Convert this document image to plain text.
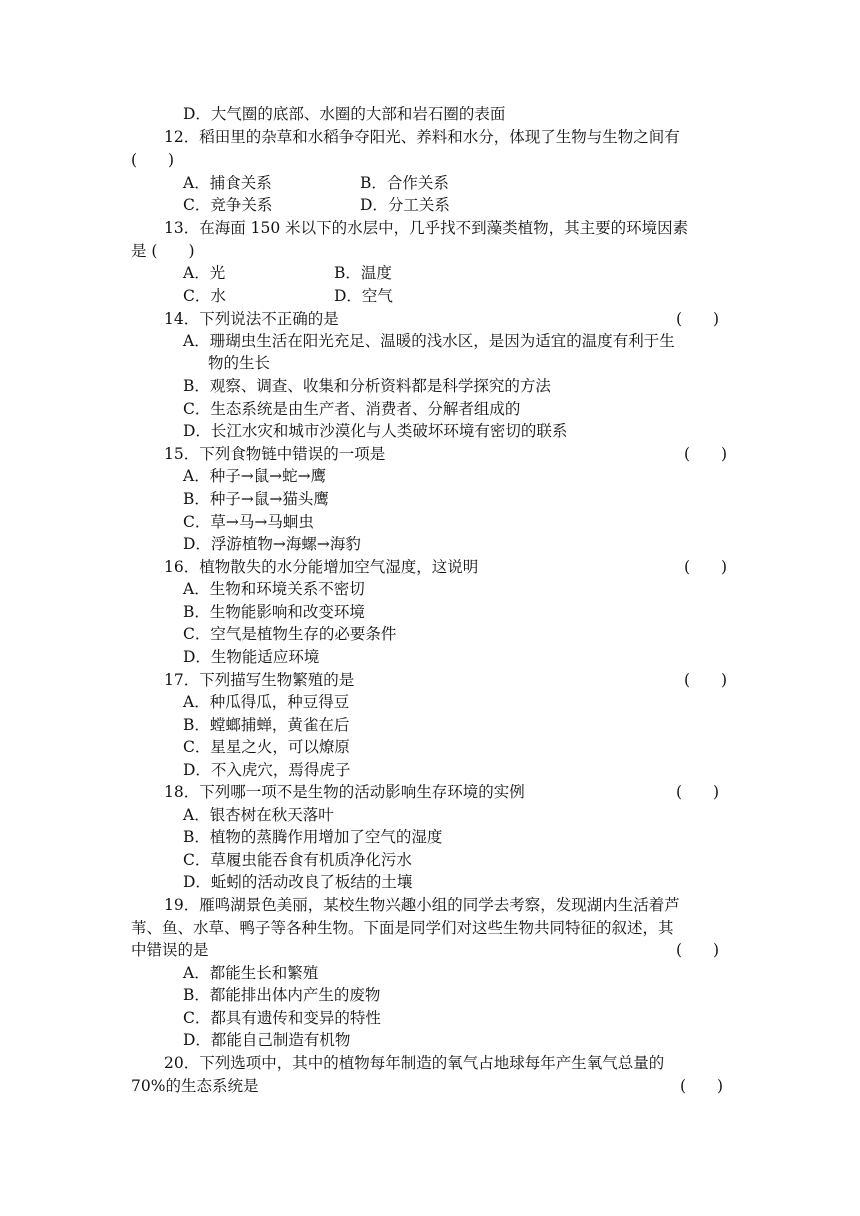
D．大气圈的底部、水圈的大部和岩石圈的表面
12．稻田里的杂草和水稻争夺阳光、养料和水分，体现了生物与生物之间有
(　　)
A．捕食关系	B．合作关系
C．竞争关系	D．分工关系
13．在海面 150 米以下的水层中，几乎找不到藻类植物，其主要的环境因素
是 (　　)
A．光	B．温度
C．水	D．空气
14．下列说法不正确的是	(　　)
A．珊瑚虫生活在阳光充足、温暖的浅水区，是因为适宜的温度有利于生
物的生长
B．观察、调查、收集和分析资料都是科学探究的方法
C．生态系统是由生产者、消费者、分解者组成的
D．长江水灾和城市沙漠化与人类破坏环境有密切的联系
15．下列食物链中错误的一项是	(　　)
A．种子→鼠→蛇→鹰
B．种子→鼠→猫头鹰
C．草→马→马蛔虫
D．浮游植物→海螺→海豹
16．植物散失的水分能增加空气湿度，这说明	(　　)
A．生物和环境关系不密切
B．生物能影响和改变环境
C．空气是植物生存的必要条件
D．生物能适应环境
17．下列描写生物繁殖的是	(　　)
A．种瓜得瓜，种豆得豆
B．螳螂捕蝉，黄雀在后
C．星星之火，可以燎原
D．不入虎穴，焉得虎子
18．下列哪一项不是生物的活动影响生存环境的实例	(　　)
A．银杏树在秋天落叶
B．植物的蒸腾作用增加了空气的湿度
C．草履虫能吞食有机质净化污水
D．蚯蚓的活动改良了板结的土壤
19．雁鸣湖景色美丽，某校生物兴趣小组的同学去考察，发现湖内生活着芦
苇、鱼、水草、鸭子等各种生物。下面是同学们对这些生物共同特征的叙述，其
中错误的是	(　　)
A．都能生长和繁殖
B．都能排出体内产生的废物
C．都具有遗传和变异的特性
D．都能自己制造有机物
20．下列选项中，其中的植物每年制造的氧气占地球每年产生氧气总量的
70%的生态系统是	(　　)
